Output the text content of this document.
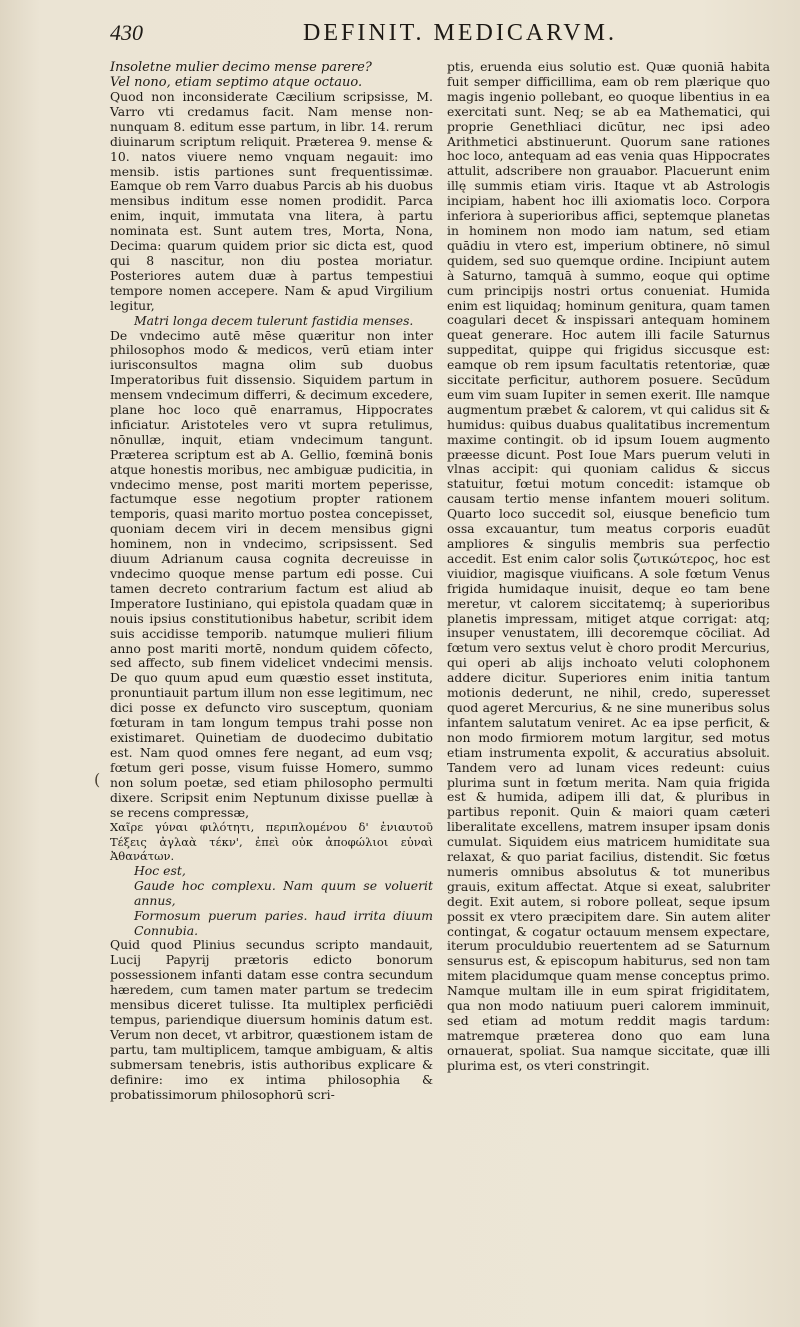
430	DEFINIT. MEDICARVM.

Insoletne mulier decimo mense parere?

Vel nono, etiam septimo atque octauo.

Quod non inconsiderate Cæcilium scripsisse, M. Varro vti credamus facit. Nam mense non-nunquam 8. editum esse partum, in libr. 14. rerum diuinarum scriptum reliquit. Præterea 9. mense & 10. natos viuere nemo vnquam negauit: imo mensib. istis partiones sunt frequentissimæ. Eamque ob rem Varro duabus Parcis ab his duobus mensibus inditum esse nomen prodidit. Parca enim, inquit, immutata vna litera, à partu nominata est. Sunt autem tres, Morta, Nona, Decima: quarum quidem prior sic dicta est, quod qui 8 nascitur, non diu postea moriatur. Posteriores autem duæ à partus tempestiui tempore nomen accepere. Nam & apud Virgilium legitur,

Matri longa decem tulerunt fastidia menses.

De vndecimo autē mēse quæritur non inter philosophos modo & medicos, verū etiam inter iurisconsultos magna olim sub duobus Imperatoribus fuit dissensio. Siquidem partum in mensem vndecimum differri, & decimum excedere, plane hoc loco quē enarramus, Hippocrates inficiatur. Aristoteles vero vt supra retulimus, nōnullæ, inquit, etiam vndecimum tangunt. Præterea scriptum est ab A. Gellio, fœminā bonis atque honestis moribus, nec ambiguæ pudicitia, in vndecimo mense, post mariti mortem peperisse, factumque esse negotium propter rationem temporis, quasi marito mortuo postea concepisset, quoniam decem viri in decem mensibus gigni hominem, non in vndecimo, scripsissent. Sed diuum Adrianum causa cognita decreuisse in vndecimo quoque mense partum edi posse. Cui tamen decreto contrarium factum est aliud ab Imperatore Iustiniano, qui epistola quadam quæ in nouis ipsius constitutionibus habetur, scribit idem suis accidisse temporib. natumque mulieri filium anno post mariti mortē, nondum quidem cōfecto, sed affecto, sub finem videlicet vndecimi mensis. De quo quum apud eum quæstio esset instituta, pronuntiauit partum illum non esse legitimum, nec dici posse ex defuncto viro susceptum, quoniam fœturam in tam longum tempus trahi posse non existimaret. Quinetiam de duodecimo dubitatio est. Nam quod omnes fere negant, ad eum vsq; fœtum geri posse, visum fuisse Homero, summo non solum poetæ, sed etiam philosopho permulti dixere. Scripsit enim Neptunum dixisse puellæ à se recens compressæ,

Χαῖρε γύναι φιλότητι, περιπλομένου δ' ἐνιαυτοῦ Τέξεις ἀγλαὰ τέκν', ἐπεὶ οὐκ ἀποφώλιοι εὐναὶ Ἀθανάτων.

Hoc est,

Gaude hoc complexu. Nam quum se voluerit annus,

Formosum puerum paries. haud irrita diuum Connubia.

Quid quod Plinius secundus scripto mandauit, Lucij Papyrij prætoris edicto bonorum possessionem infanti datam esse contra secundum hæredem, cum tamen mater partum se tredecim mensibus diceret tulisse. Ita multiplex perficiēdi tempus, pariendique diuersum hominis datum est. Verum non decet, vt arbitror, quæstionem istam de partu, tam multiplicem, tamque ambiguam, & altis submersam tenebris, istis authoribus explicare & definire: imo ex intima philosophia & probatissimorum philosophorū scri-

ptis, eruenda eius solutio est. Quæ quoniā habita fuit semper difficillima, eam ob rem plærique quo magis ingenio pollebant, eo quoque libentius in ea exercitati sunt. Neq; se ab ea Mathematici, qui proprie Genethliaci dicūtur, nec ipsi adeo Arithmetici abstinuerunt. Quorum sane rationes hoc loco, antequam ad eas venia quas Hippocrates attulit, adscribere non grauabor. Placuerunt enim illę summis etiam viris. Itaque vt ab Astrologis incipiam, habent hoc illi axiomatis loco. Corpora inferiora à superioribus affici, septemque planetas in hominem non modo iam natum, sed etiam quādiu in vtero est, imperium obtinere, nō simul quidem, sed suo quemque ordine. Incipiunt autem à Saturno, tamquā à summo, eoque qui optime cum principijs nostri ortus conueniat. Humida enim est liquidaq; hominum genitura, quam tamen coagulari decet & inspissari antequam hominem queat generare. Hoc autem illi facile Saturnus suppeditat, quippe qui frigidus siccusque est: eamque ob rem ipsum facultatis retentoriæ, quæ siccitate perficitur, authorem posuere. Secūdum eum vim suam Iupiter in semen exerit. Ille namque augmentum præbet & calorem, vt qui calidus sit & humidus: quibus duabus qualitatibus incrementum maxime contingit. ob id ipsum Iouem augmento præesse dicunt. Post Ioue Mars puerum veluti in vlnas accipit: qui quoniam calidus & siccus statuitur, fœtui motum concedit: istamque ob causam tertio mense infantem moueri solitum. Quarto loco succedit sol, eiusque beneficio tum ossa excauantur, tum meatus corporis euadūt ampliores & singulis membris sua perfectio accedit. Est enim calor solis ζωτικώτερος, hoc est viuidior, magisque viuificans. A sole fœtum Venus frigida humidaque inuisit, deque eo tam bene meretur, vt calorem siccitatemq; à superioribus planetis impressam, mitiget atque corrigat: atq; insuper venustatem, illi decoremque cōciliat. Ad fœtum vero sextus velut è choro prodit Mercurius, qui operi ab alijs inchoato veluti colophonem addere dicitur. Superiores enim initia tantum motionis dederunt, ne nihil, credo, superesset quod ageret Mercurius, & ne sine muneribus solus infantem salutatum veniret. Ac ea ipse perficit, & non modo firmiorem motum largitur, sed motus etiam instrumenta expolit, & accuratius absoluit. Tandem vero ad lunam vices redeunt: cuius plurima sunt in fœtum merita. Nam quia frigida est & humida, adipem illi dat, & pluribus in partibus reponit. Quin & maiori quam cæteri liberalitate excellens, matrem insuper ipsam donis cumulat. Siquidem eius matricem humiditate sua relaxat, & quo pariat facilius, distendit. Sic fœtus numeris omnibus absolutus & tot muneribus grauis, exitum affectat. Atque si exeat, salubriter degit. Exit autem, si robore polleat, seque ipsum possit ex vtero præcipitem dare. Sin autem aliter contingat, & cogatur octauum mensem expectare, iterum proculdubio reuertentem ad se Saturnum sensurus est, & episcopum habiturus, sed non tam mitem placidumque quam mense conceptus primo. Namque multam ille in eum spirat frigiditatem, qua non modo natiuum pueri calorem imminuit, sed etiam ad motum reddit magis tardum: matremque præterea dono quo eam luna ornauerat, spoliat. Sua namque siccitate, quæ illi plurima est, os vteri constringit.

(
